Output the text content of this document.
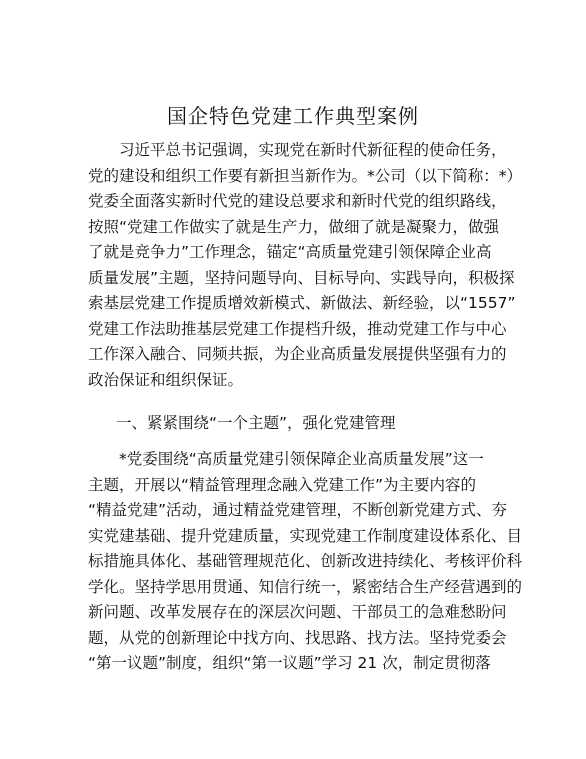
国企特色党建工作典型案例
　　习近平总书记强调，实现党在新时代新征程的使命任务，
党的建设和组织工作要有新担当新作为。*公司（以下简称：*）
党委全面落实新时代党的建设总要求和新时代党的组织路线，
按照“党建工作做实了就是生产力，做细了就是凝聚力，做强
了就是竞争力”工作理念，锚定“高质量党建引领保障企业高
质量发展”主题，坚持问题导向、目标导向、实践导向，积极探
索基层党建工作提质增效新模式、新做法、新经验，以“1557”
党建工作法助推基层党建工作提档升级，推动党建工作与中心
工作深入融合、同频共振，为企业高质量发展提供坚强有力的
政治保证和组织保证。
一、紧紧围绕“一个主题”，强化党建管理
　　*党委围绕“高质量党建引领保障企业高质量发展”这一
主题，开展以“精益管理理念融入党建工作”为主要内容的
“精益党建”活动，通过精益党建管理，不断创新党建方式、夯
实党建基础、提升党建质量，实现党建工作制度建设体系化、目
标措施具体化、基础管理规范化、创新改进持续化、考核评价科
学化。坚持学思用贯通、知信行统一，紧密结合生产经营遇到的
新问题、改革发展存在的深层次问题、干部员工的急难愁盼问
题，从党的创新理论中找方向、找思路、找方法。坚持党委会
“第一议题”制度，组织“第一议题”学习 21 次，制定贯彻落
